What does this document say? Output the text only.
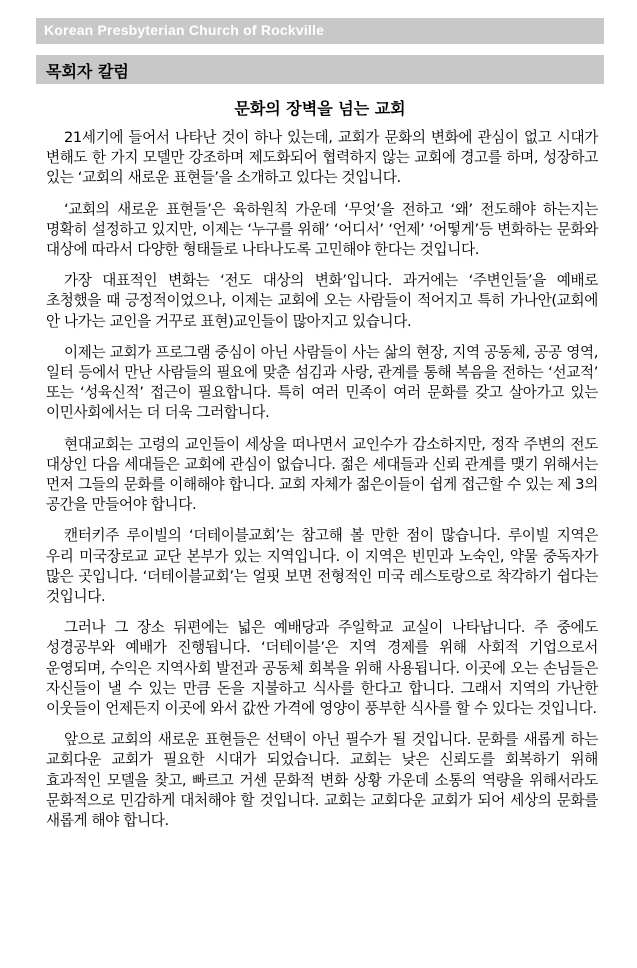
Korean Presbyterian Church of Rockville
목회자 칼럼
문화의 장벽을 넘는 교회

21세기에 들어서 나타난 것이 하나 있는데, 교회가 문화의 변화에 관심이 없고 시대가 변해도 한 가지 모델만 강조하며 제도화되어 협력하지 않는 교회에 경고를 하며, 성장하고 있는 ‘교회의 새로운 표현들’을 소개하고 있다는 것입니다.

‘교회의 새로운 표현들’은 육하원칙 가운데 ‘무엇’을 전하고 ‘왜’ 전도해야 하는지는 명확히 설정하고 있지만, 이제는 ‘누구를 위해’ ‘어디서’ ‘언제’ ‘어떻게’등 변화하는 문화와 대상에 따라서 다양한 형태들로 나타나도록 고민해야 한다는 것입니다.

가장 대표적인 변화는 ‘전도 대상의 변화’입니다. 과거에는 ‘주변인들’을 예배로 초청했을 때 긍정적이었으나, 이제는 교회에 오는 사람들이 적어지고 특히 가나안(교회에 안 나가는 교인을 거꾸로 표현)교인들이 많아지고 있습니다.

이제는 교회가 프로그램 중심이 아닌 사람들이 사는 삶의 현장, 지역 공동체, 공공 영역, 일터 등에서 만난 사람들의 필요에 맞춘 섬김과 사랑, 관계를 통해 복음을 전하는 ‘선교적’ 또는 ‘성육신적’ 접근이 필요합니다. 특히 여러 민족이 여러 문화를 갖고 살아가고 있는 이민사회에서는 더 더욱 그러합니다.

현대교회는 고령의 교인들이 세상을 떠나면서 교인수가 감소하지만, 정작 주변의 전도 대상인 다음 세대들은 교회에 관심이 없습니다. 젊은 세대들과 신뢰 관계를 맺기 위해서는 먼저 그들의 문화를 이해해야 합니다. 교회 자체가 젊은이들이 쉽게 접근할 수 있는 제 3의 공간을 만들어야 합니다.

캔터키주 루이빌의 ‘더테이블교회’는 참고해 볼 만한 점이 많습니다. 루이빌 지역은 우리 미국장로교 교단 본부가 있는 지역입니다. 이 지역은 빈민과 노숙인, 약물 중독자가 많은 곳입니다. ‘더테이블교회’는 얼핏 보면 전형적인 미국 레스토랑으로 착각하기 쉽다는 것입니다.

그러나 그 장소 뒤편에는 넓은 예배당과 주일학교 교실이 나타납니다. 주 중에도 성경공부와 예배가 진행됩니다. ‘더테이블’은 지역 경제를 위해 사회적 기업으로서 운영되며, 수익은 지역사회 발전과 공동체 회복을 위해 사용됩니다. 이곳에 오는 손님들은 자신들이 낼 수 있는 만큼 돈을 지불하고 식사를 한다고 합니다. 그래서 지역의 가난한 이웃들이 언제든지 이곳에 와서 값싼 가격에 영양이 풍부한 식사를 할 수 있다는 것입니다.

앞으로 교회의 새로운 표현들은 선택이 아닌 필수가 될 것입니다. 문화를 새롭게 하는 교회다운 교회가 필요한 시대가 되었습니다. 교회는 낮은 신뢰도를 회복하기 위해 효과적인 모델을 찾고, 빠르고 거센 문화적 변화 상황 가운데 소통의 역량을 위해서라도 문화적으로 민감하게 대처해야 할 것입니다. 교회는 교회다운 교회가 되어 세상의 문화를 새롭게 해야 합니다.
